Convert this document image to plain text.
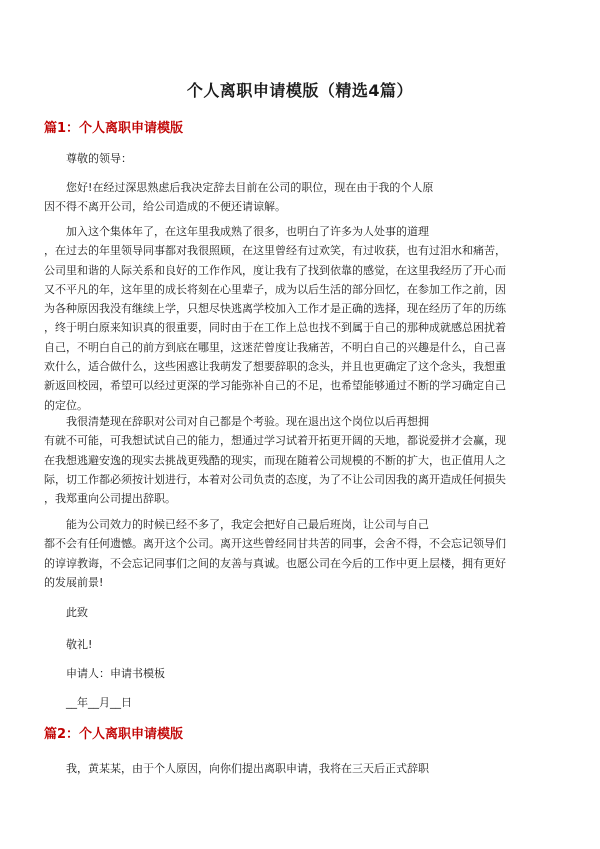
个人离职申请模版（精选4篇）
篇1：个人离职申请模版
尊敬的领导：
您好!在经过深思熟虑后我决定辞去目前在公司的职位，现在由于我的个人原
因不得不离开公司，给公司造成的不便还请谅解。
加入这个集体年了，在这年里我成熟了很多，也明白了许多为人处事的道理
，在过去的年里领导同事都对我很照顾，在这里曾经有过欢笑，有过收获，也有过泪水和痛苦，
公司里和谐的人际关系和良好的工作作风，度让我有了找到依靠的感觉，在这里我经历了开心而
又不平凡的年，这年里的成长将刻在心里辈子，成为以后生活的部分回忆，在参加工作之前，因
为各种原因我没有继续上学，只想尽快逃离学校加入工作才是正确的选择，现在经历了年的历练
，终于明白原来知识真的很重要，同时由于在工作上总也找不到属于自己的那种成就感总困扰着
自己，不明白自己的前方到底在哪里，这迷茫曾度让我痛苦，不明白自己的兴趣是什么，自己喜
欢什么，适合做什么，这些困惑让我萌发了想要辞职的念头，并且也更确定了这个念头，我想重
新返回校园，希望可以经过更深的学习能弥补自己的不足，也希望能够通过不断的学习确定自己
的定位。
我很清楚现在辞职对公司对自己都是个考验。现在退出这个岗位以后再想拥
有就不可能，可我想试试自己的能力，想通过学习试着开拓更开阔的天地，都说爱拼才会赢，现
在我想逃避安逸的现实去挑战更残酷的现实，而现在随着公司规模的不断的扩大，也正值用人之
际，切工作都必须按计划进行，本着对公司负责的态度，为了不让公司因我的离开造成任何损失
，我郑重向公司提出辞职。
能为公司效力的时候已经不多了，我定会把好自己最后班岗，让公司与自己
都不会有任何遗憾。离开这个公司。离开这些曾经同甘共苦的同事，会舍不得，不会忘记领导们
的谆谆教诲，不会忘记同事们之间的友善与真诚。也愿公司在今后的工作中更上层楼，拥有更好
的发展前景!
此致
敬礼!
申请人：申请书模板
__年__月__日
篇2：个人离职申请模版
我，黄某某，由于个人原因，向你们提出离职申请，我将在三天后正式辞职
